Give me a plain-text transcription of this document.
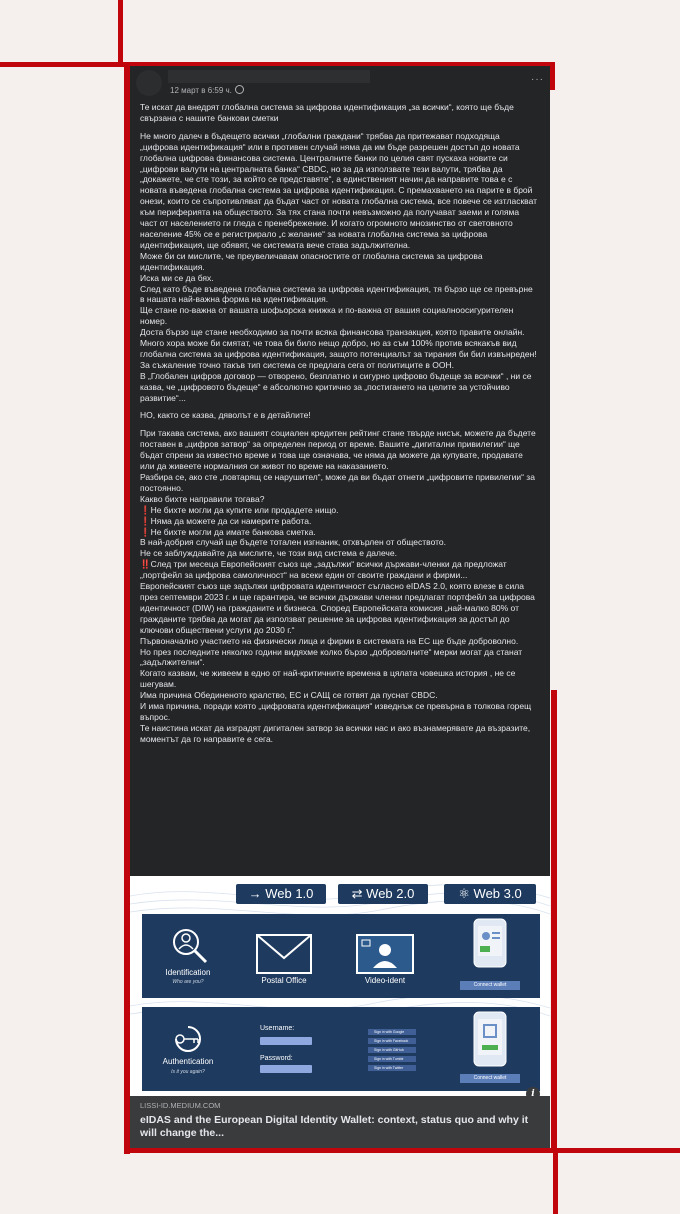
12 март в 6:59 ч.
···

Те искат да внедрят глобална система за цифрова идентификация „за всички“, която ще бъде свързана с нашите банкови сметки

Не много далеч в бъдещето всички „глобални граждани“ трябва да притежават подходяща „цифрова идентификация“ или в противен случай няма да им бъде разрешен достъп до новата глобална цифрова финансова система. Централните банки по целия свят пускаха новите си „цифрови валути на централната банка“ CBDC, но за да използвате тези валути, трябва да „докажете, че сте този, за който се представяте“, а единственият начин да направите това е с новата въведена глобална система за цифрова идентификация. С премахването на парите в брой онези, които се съпротивляват да бъдат част от новата глобална система, все повече се изтласкват към периферията на обществото. За тях стана почти невъзможно да получават заеми и голяма част от населението ги гледа с пренебрежение. И когато огромното мнозинство от световното население 45% се е регистрирало „с желание“ за новата глобална система за цифрова идентификация, ще обявят, че системата вече става задължителна.

Може би си мислите, че преувеличавам опасностите от глобална система за цифрова идентификация.

Иска ми се да бях.

След като бъде въведена глобална система за цифрова идентификация, тя бързо ще се превърне в нашата най-важна форма на идентификация.

Ще стане по-важна от вашата шофьорска книжка и по-важна от вашия социалноосигурителен номер.

Доста бързо ще стане необходимо за почти всяка финансова транзакция, която правите онлайн.

Много хора може би смятат, че това би било нещо добро, но аз съм 100% против всякакъв вид глобална система за цифрова идентификация, защото потенциалът за тирания би бил извънреден!

За съжаление точно такъв тип система се предлага сега от политиците в ООН.

В „Глобален цифров договор — отворено, безплатно и сигурно цифрово бъдеще за всички“ , ни се казва, че „цифровото бъдеще“ е абсолютно критично за „постигането на целите за устойчиво развитие“...

НО, както се казва, дяволът е в детайлите!

При такава система, ако вашият социален кредитен рейтинг стане твърде нисък, можете да бъдете поставен в „цифров затвор“ за определен период от време. Вашите „дигитални привилегии“ ще бъдат спрени за известно време и това ще означава, че няма да можете да купувате, продавате или да живеете нормалния си живот по време на наказанието.

Разбира се, ако сте „повтарящ се нарушител“, може да ви бъдат отнети „цифровите привилегии“ за постоянно.

Какво бихте направили тогава?

❗Не бихте могли да купите или продадете нищо.

❗Няма да можете да си намерите работа.

❗Не бихте могли да имате банкова сметка.

В най-добрия случай ще бъдете тотален изгнаник, отхвърлен от обществото.

Не се заблуждавайте да мислите, че този вид система е далече.

‼️След три месеца Европейският съюз ще „задължи“ всички държави-членки да предложат „портфейл за цифрова самоличност“ на всеки един от своите граждани и фирми...

Европейският съюз ще задължи цифровата идентичност съгласно eIDAS 2.0, която влезе в сила през септември 2023 г. и ще гарантира, че всички държави членки предлагат портфейл за цифрова идентичност (DIW) на гражданите и бизнеса. Според Европейската комисия „най-малко 80% от гражданите трябва да могат да използват решение за цифрова идентификация за достъп до ключови обществени услуги до 2030 г.“

Първоначално участието на физически лица и фирми в системата на ЕС ще бъде доброволно.

Но през последните няколко години видяхме колко бързо „доброволните“ мерки могат да станат „задължителни“.

Когато казвам, че живеем в едно от най-критичните времена в цялата човешка история , не се шегувам.

Има причина Обединеното кралство, ЕС и САЩ се готвят да пуснат CBDC.

И има причина, поради която „цифровата идентификация“ изведнъж се превърна в толкова горещ въпрос.

Те наистина искат да изградят дигитален затвор за всички нас и ако възнамерявате да възразите, моментът да го направите е сега.

→ Web 1.0	⇄ Web 2.0	⚛ Web 3.0
Identification
Who are you?	Postal Office	Video-ident	Connect wallet
Authentication
Is it you again?
Username:
Password:
Sign in with Google
Sign in with Facebook
Sign in with GitHub
Sign in with Tumblr
Sign in with Twitter
Connect wallet
LISSI-ID.MEDIUM.COM
eIDAS and the European Digital Identity Wallet: context, status quo and why it will change the...
i
